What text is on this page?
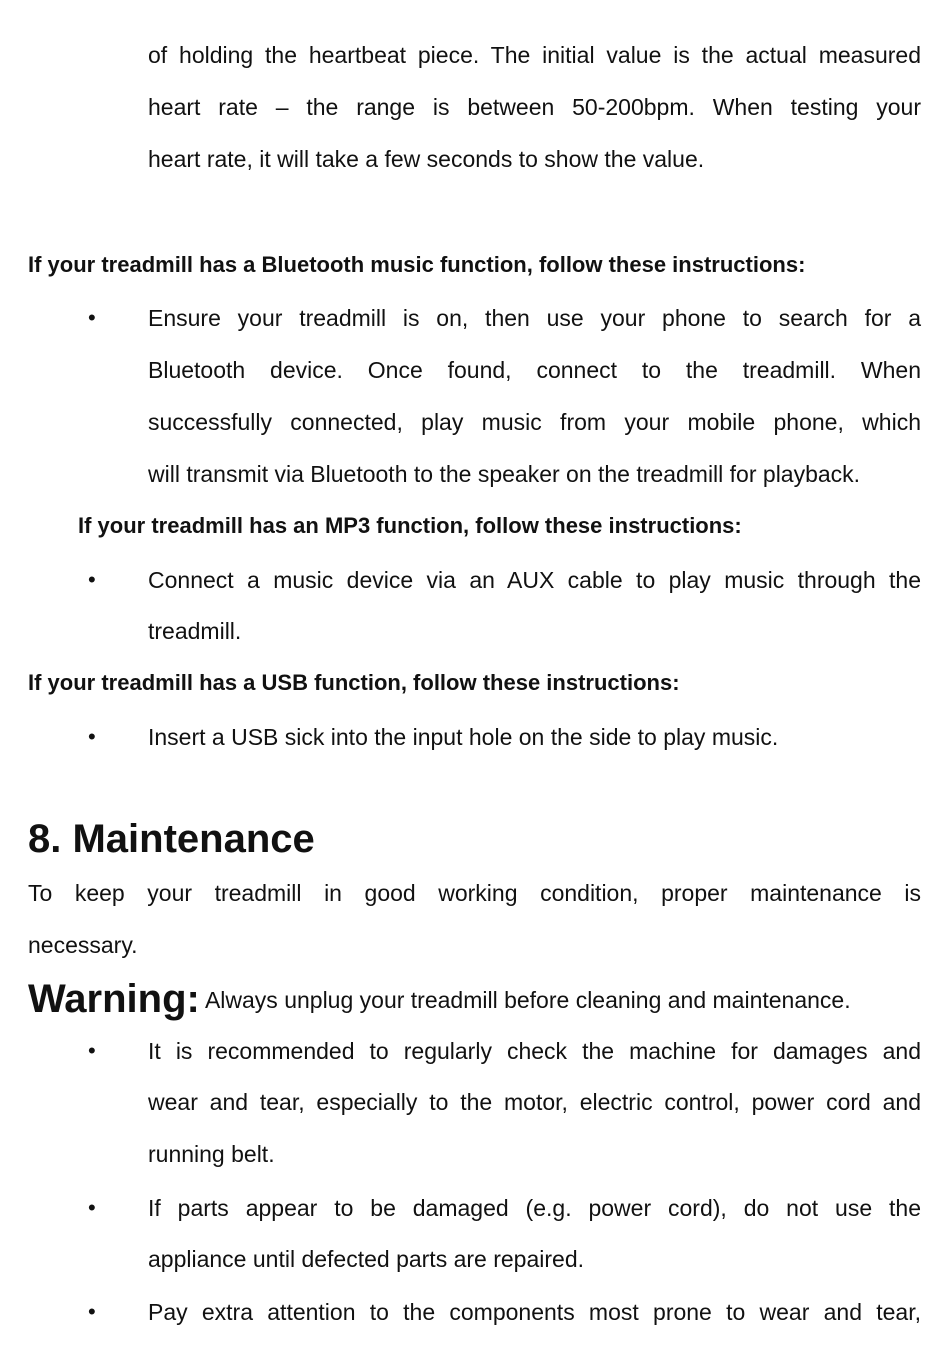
of holding the heartbeat piece. The initial value is the actual measured
heart rate – the range is between 50-200bpm. When testing your
heart rate, it will take a few seconds to show the value.
If your treadmill has a Bluetooth music function, follow these instructions:
• Ensure your treadmill is on, then use your phone to search for a
Bluetooth device. Once found, connect to the treadmill. When
successfully connected, play music from your mobile phone, which
will transmit via Bluetooth to the speaker on the treadmill for playback.
If your treadmill has an MP3 function, follow these instructions:
• Connect a music device via an AUX cable to play music through the
treadmill.
If your treadmill has a USB function, follow these instructions:
• Insert a USB sick into the input hole on the side to play music.
8. Maintenance
To keep your treadmill in good working condition, proper maintenance is
necessary.
Warning: Always unplug your treadmill before cleaning and maintenance.
• It is recommended to regularly check the machine for damages and
wear and tear, especially to the motor, electric control, power cord and
running belt.
• If parts appear to be damaged (e.g. power cord), do not use the
appliance until defected parts are repaired.
• Pay extra attention to the components most prone to wear and tear,
